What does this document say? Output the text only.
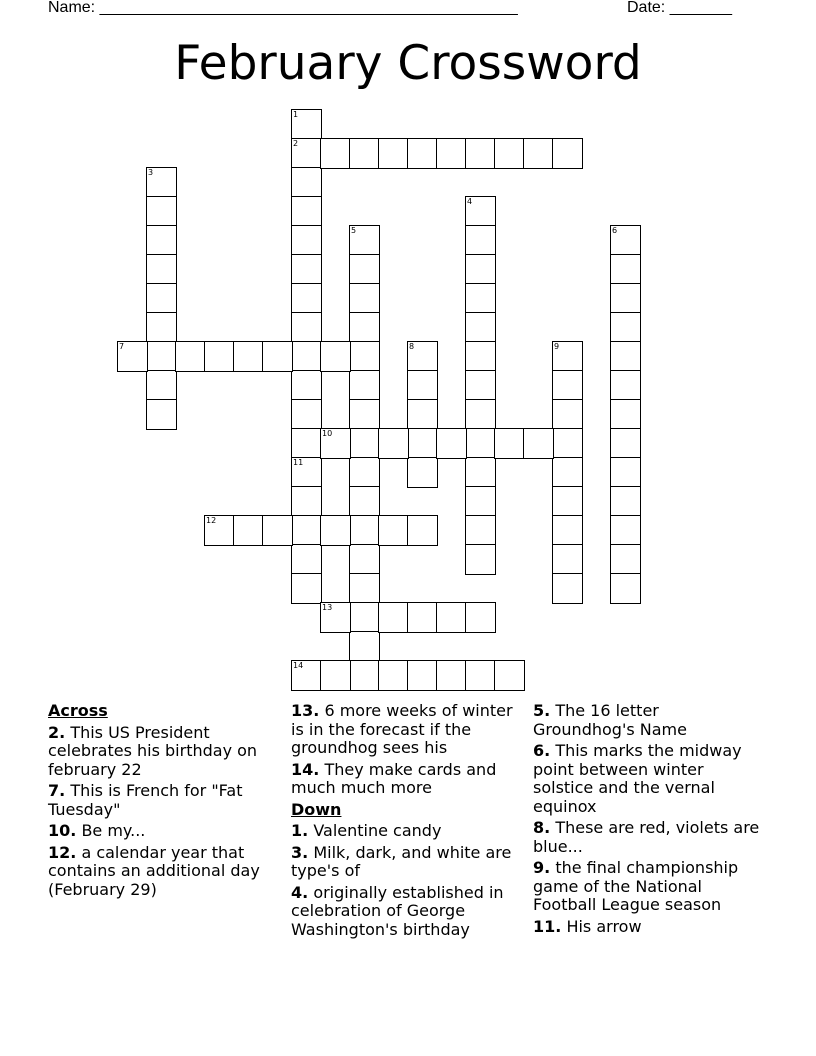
Name: _______________________________________________	Date: _______
February Crossword
1
2
11
3
4
5	6
8	9
7
10
12
13
14
Across
2. This US President celebrates his birthday on february 22
7. This is French for "Fat Tuesday"
10. Be my...
12. a calendar year that contains an additional day (February 29)
13. 6 more weeks of winter is in the forecast if the groundhog sees his
14. They make cards and much much more
Down
1. Valentine candy
3. Milk, dark, and white are type's of
4. originally established in celebration of George Washington's birthday
5. The 16 letter Groundhog's Name
6. This marks the midway point between winter solstice and the vernal equinox
8. These are red, violets are blue...
9. the final championship game of the National Football League season
11. His arrow
